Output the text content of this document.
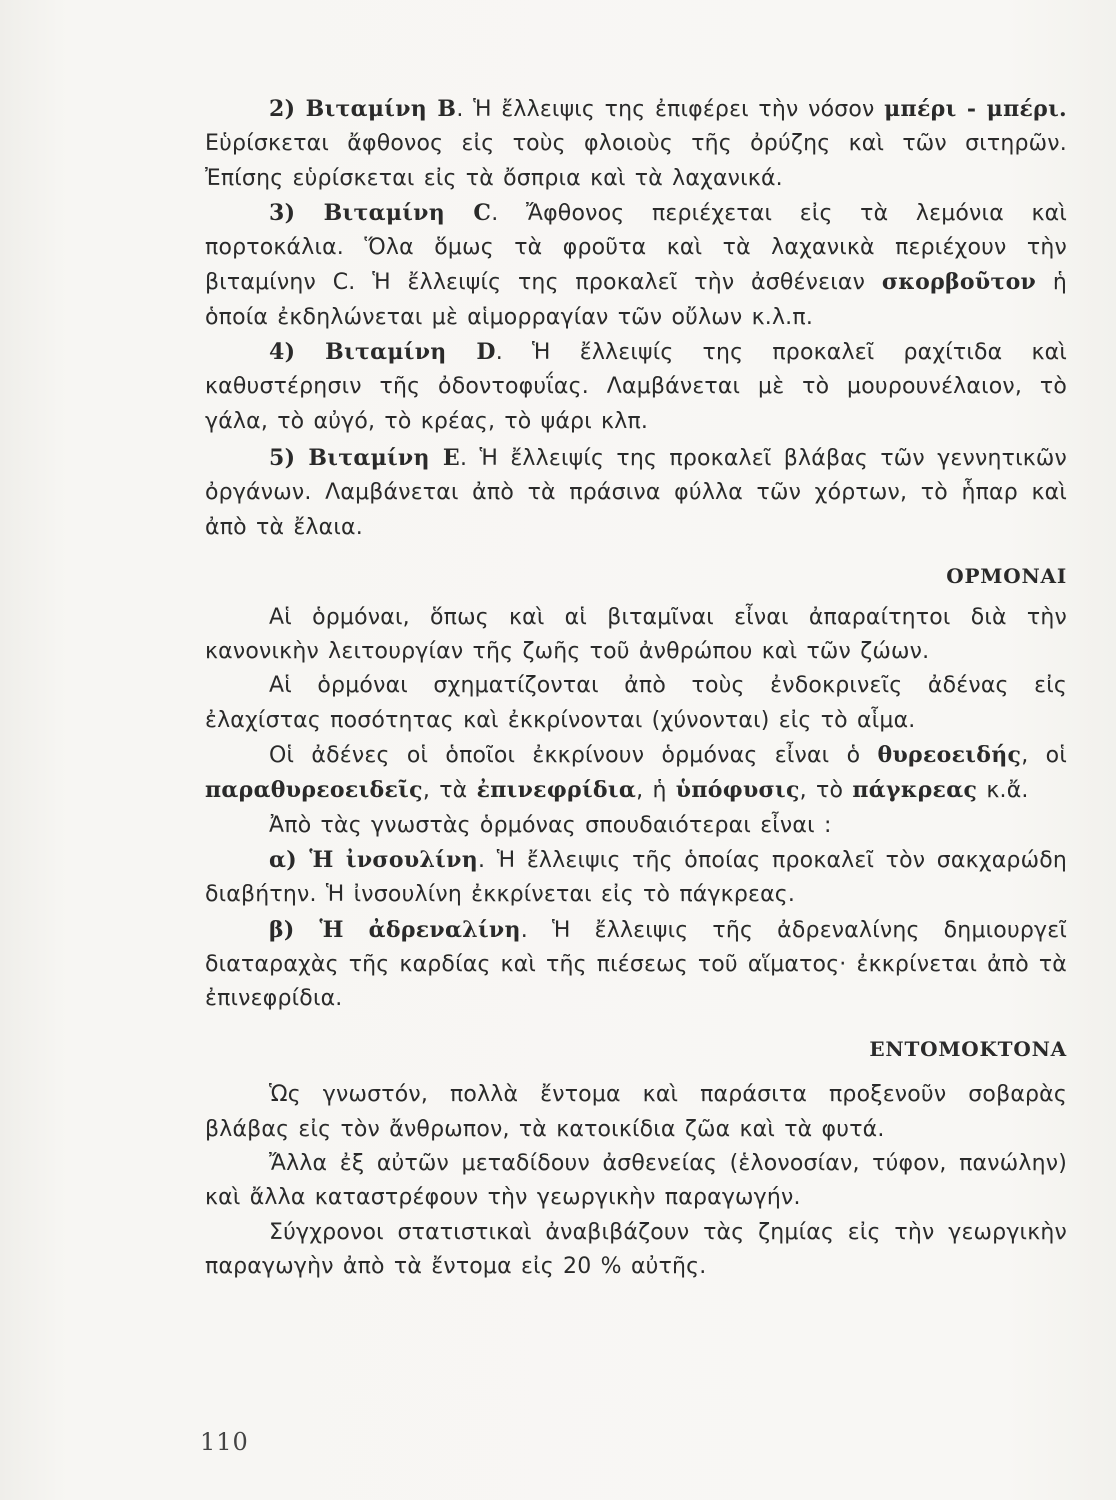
2) Βιταμίνη B. Ἡ ἔλλειψις της ἐπιφέρει τὴν νόσον μπέρι - μπέρι. Εὑρίσκεται ἄφθονος εἰς τοὺς φλοιοὺς τῆς ὀρύζης καὶ τῶν σιτηρῶν. Ἐπίσης εὑρίσκεται εἰς τὰ ὄσπρια καὶ τὰ λαχανικά.

3) Βιταμίνη C. Ἄφθονος περιέχεται εἰς τὰ λεμόνια καὶ πορτοκάλια. Ὅλα ὅμως τὰ φροῦτα καὶ τὰ λαχανικὰ περιέχουν τὴν βιταμίνην C. Ἡ ἔλλειψίς της προκαλεῖ τὴν ἀσθένειαν σκορβοῦτον ἡ ὁποία ἐκδηλώνεται μὲ αἱμορραγίαν τῶν οὔλων κ.λ.π.

4) Βιταμίνη D. Ἡ ἔλλειψίς της προκαλεῖ ραχίτιδα καὶ καθυστέρησιν τῆς ὀδοντοφυΐας. Λαμβάνεται μὲ τὸ μουρουνέλαιον, τὸ γάλα, τὸ αὐγό, τὸ κρέας, τὸ ψάρι κλπ.

5) Βιταμίνη E. Ἡ ἔλλειψίς της προκαλεῖ βλάβας τῶν γεννητικῶν ὀργάνων. Λαμβάνεται ἀπὸ τὰ πράσινα φύλλα τῶν χόρτων, τὸ ἧπαρ καὶ ἀπὸ τὰ ἔλαια.

ΟΡΜΟΝΑΙ

Αἱ ὁρμόναι, ὅπως καὶ αἱ βιταμῖναι εἶναι ἀπαραίτητοι διὰ τὴν κανονικὴν λειτουργίαν τῆς ζωῆς τοῦ ἀνθρώπου καὶ τῶν ζώων.

Αἱ ὁρμόναι σχηματίζονται ἀπὸ τοὺς ἐνδοκρινεῖς ἀδένας εἰς ἐλαχίστας ποσότητας καὶ ἐκκρίνονται (χύνονται) εἰς τὸ αἷμα.

Οἱ ἀδένες οἱ ὁποῖοι ἐκκρίνουν ὁρμόνας εἶναι ὁ θυρεοειδής, οἱ παραθυρεοειδεῖς, τὰ ἐπινεφρίδια, ἡ ὑπόφυσις, τὸ πάγκρεας κ.ἄ.

Ἀπὸ τὰς γνωστὰς ὁρμόνας σπουδαιότεραι εἶναι :

α) Ἡ ἰνσουλίνη. Ἡ ἔλλειψις τῆς ὁποίας προκαλεῖ τὸν σακχαρώδη διαβήτην. Ἡ ἰνσουλίνη ἐκκρίνεται εἰς τὸ πάγκρεας.

β) Ἡ ἀδρεναλίνη. Ἡ ἔλλειψις τῆς ἀδρεναλίνης δημιουργεῖ διαταραχὰς τῆς καρδίας καὶ τῆς πιέσεως τοῦ αἵματος· ἐκκρίνεται ἀπὸ τὰ ἐπινεφρίδια.

ΕΝΤΟΜΟΚΤΟΝΑ

Ὡς γνωστόν, πολλὰ ἔντομα καὶ παράσιτα προξενοῦν σοβαρὰς βλάβας εἰς τὸν ἄνθρωπον, τὰ κατοικίδια ζῶα καὶ τὰ φυτά.

Ἄλλα ἐξ αὐτῶν μεταδίδουν ἀσθενείας (ἑλονοσίαν, τύφον, πανώλην) καὶ ἄλλα καταστρέφουν τὴν γεωργικὴν παραγωγήν.

Σύγχρονοι στατιστικαὶ ἀναβιβάζουν τὰς ζημίας εἰς τὴν γεωργικὴν παραγωγὴν ἀπὸ τὰ ἔντομα εἰς 20 % αὐτῆς.

110
